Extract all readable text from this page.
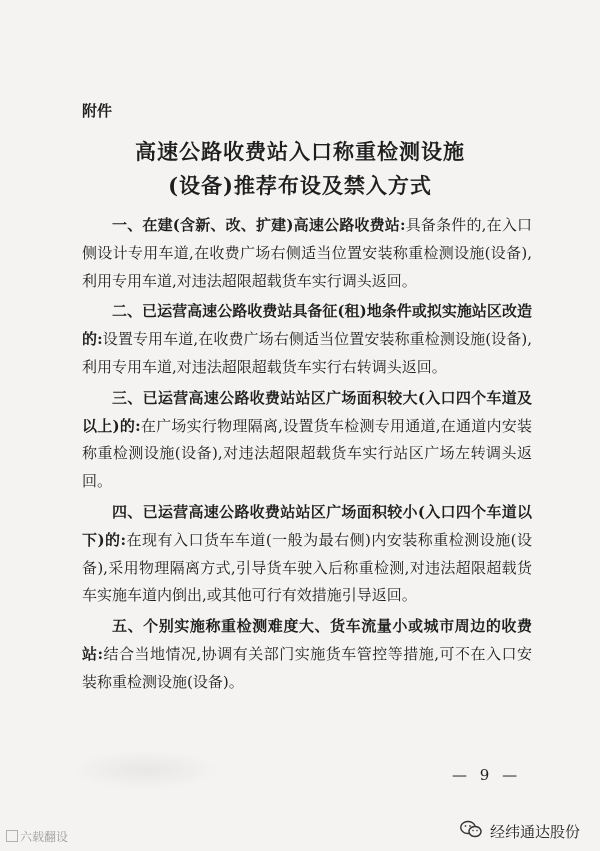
附件
高速公路收费站入口称重检测设施
(设备)推荐布设及禁入方式

一、在建(含新、改、扩建)高速公路收费站:具备条件的,在入口侧设计专用车道,在收费广场右侧适当位置安装称重检测设施(设备),利用专用车道,对违法超限超载货车实行调头返回。

二、已运营高速公路收费站具备征(租)地条件或拟实施站区改造的:设置专用车道,在收费广场右侧适当位置安装称重检测设施(设备),利用专用车道,对违法超限超载货车实行右转调头返回。

三、已运营高速公路收费站站区广场面积较大(入口四个车道及以上)的:在广场实行物理隔离,设置货车检测专用通道,在通道内安装称重检测设施(设备),对违法超限超载货车实行站区广场左转调头返回。

四、已运营高速公路收费站站区广场面积较小(入口四个车道以下)的:在现有入口货车车道(一般为最右侧)内安装称重检测设施(设备),采用物理隔离方式,引导货车驶入后称重检测,对违法超限超载货车实施车道内倒出,或其他可行有效措施引导返回。

五、个别实施称重检测难度大、货车流量小或城市周边的收费站:结合当地情况,协调有关部门实施货车管控等措施,可不在入口安装称重检测设施(设备)。

— 9 —
六载翻设	经纬通达股份
